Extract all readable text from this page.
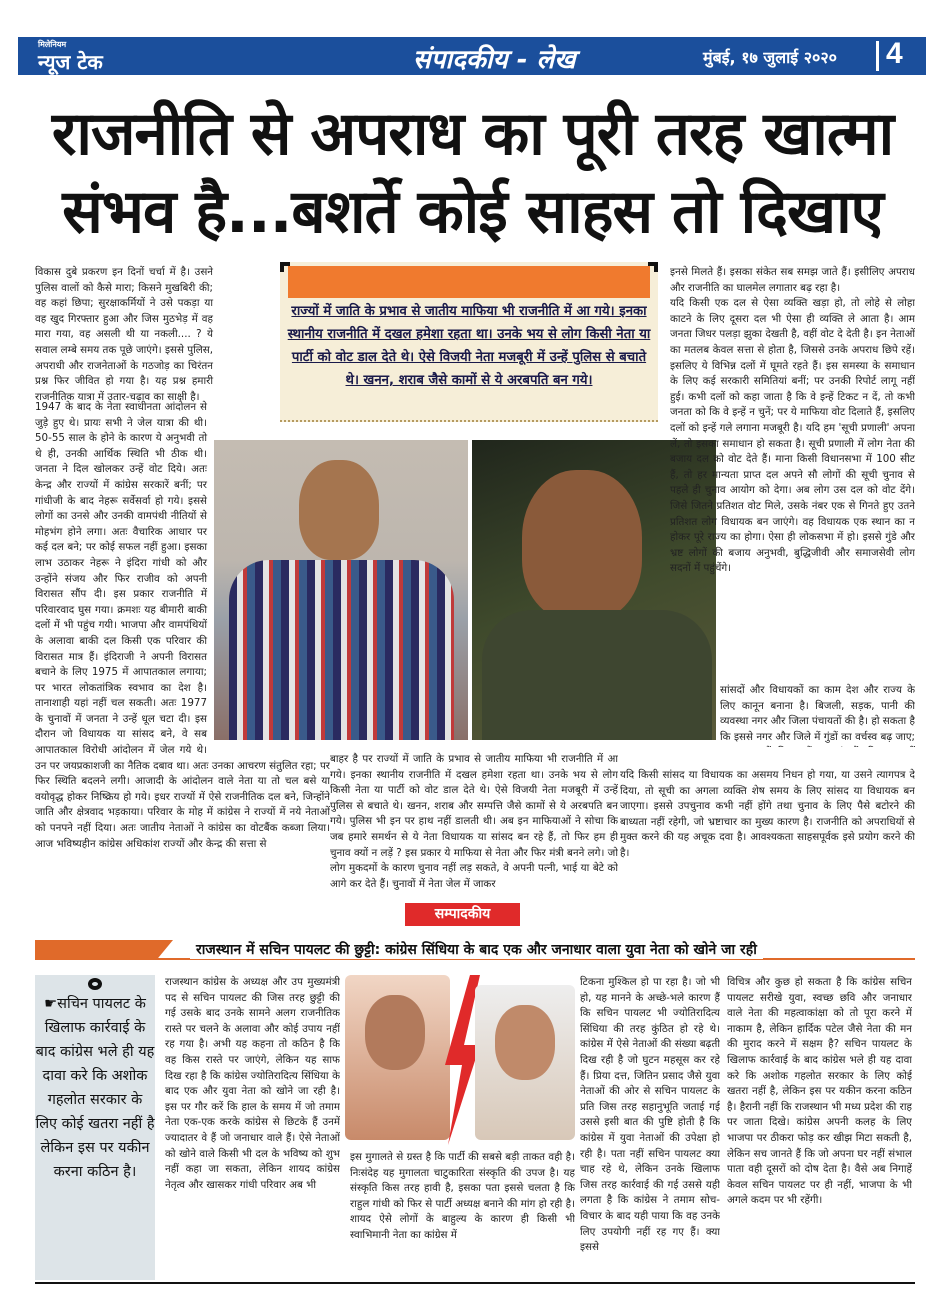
मिलेनियम
न्यूज टेक	संपादकीय - लेख	मुंबई, १७ जुलाई २०२० 4
राजनीति से अपराध का पूरी तरह खात्मा
संभव है...बशर्ते कोई साहस तो दिखाए

विकास दुबे प्रकरण इन दिनों चर्चा में है। उसने पुलिस वालों को कैसे मारा; किसने मुखबिरी की; वह कहां छिपा; सुरक्षाकर्मियों ने उसे पकड़ा या वह खुद गिरफ्तार हुआ और जिस मुठभेड़ में वह मारा गया, वह असली थी या नकली.... ? ये सवाल लम्बे समय तक पूछे जाएंगे। इससे पुलिस, अपराधी और राजनेताओं के गठजोड़ का चिरंतन प्रश्न फिर जीवित हो गया है। यह प्रश्न हमारी राजनीतिक यात्रा में उतार-चढ़ाव का साक्षी है।

1947 के बाद के नेता स्वाधीनता आंदोलन से जुड़े हुए थे। प्रायः सभी ने जेल यात्रा की थी। 50-55 साल के होने के कारण ये अनुभवी तो थे ही, उनकी आर्थिक स्थिति भी ठीक थी। जनता ने दिल खोलकर उन्हें वोट दिये। अतः केन्द्र और राज्यों में कांग्रेस सरकारें बनीं; पर गांधीजी के बाद नेहरू सर्वेसर्वा हो गये। इससे लोगों का उनसे और उनकी वामपंथी नीतियों से मोहभंग होने लगा। अतः वैचारिक आधार पर कई दल बने; पर कोई सफल नहीं हुआ। इसका लाभ उठाकर नेहरू ने इंदिरा गांधी को और उन्होंने संजय और फिर राजीव को अपनी विरासत सौंप दी। इस प्रकार राजनीति में परिवारवाद घुस गया। क्रमशः यह बीमारी बाकी दलों में भी पहुंच गयी। भाजपा और वामपंथियों के अलावा बाकी दल किसी एक परिवार की विरासत मात्र हैं। इंदिराजी ने अपनी विरासत बचाने के लिए 1975 में आपातकाल लगाया; पर भारत लोकतांत्रिक स्वभाव का देश है। तानाशाही यहां नहीं चल सकती। अतः 1977 के चुनावों में जनता ने उन्हें धूल चटा दी। इस दौरान जो विधायक या सांसद बने, वे सब आपातकाल विरोधी आंदोलन में जेल गये थे। उन पर जयप्रकाशजी का नैतिक दबाव था। अतः उनका आचरण संतुलित रहा; पर फिर स्थिति बदलने लगी। आजादी के आंदोलन वाले नेता या तो चल बसे या वयोवृद्ध होकर निष्क्रिय हो गये। इधर राज्यों में ऐसे राजनीतिक दल बने, जिन्होंने जाति और क्षेत्रवाद भड़काया। परिवार के मोह में कांग्रेस ने राज्यों में नये नेताओं को पनपने नहीं दिया। अतः जातीय नेताओं ने कांग्रेस का वोटबैंक कब्जा लिया। आज भविष्यहीन कांग्रेस अधिकांश राज्यों और केन्द्र की सत्ता से

राज्यों में जाति के प्रभाव से जातीय माफिया भी राजनीति में आ गये। इनका स्थानीय राजनीति में दखल हमेशा रहता था। उनके भय से लोग किसी नेता या पार्टी को वोट डाल देते थे। ऐसे विजयी नेता मजबूरी में उन्हें पुलिस से बचाते थे। खनन, शराब जैसे कामों से ये अरबपति बन गये।

इनसे मिलते हैं। इसका संकेत सब समझ जाते हैं। इसीलिए अपराध और राजनीति का घालमेल लगातार बढ़ रहा है।

यदि किसी एक दल से ऐसा व्यक्ति खड़ा हो, तो लोहे से लोहा काटने के लिए दूसरा दल भी ऐसा ही व्यक्ति ले आता है। आम जनता जिधर पलड़ा झुका देखती है, वहीं वोट दे देती है। इन नेताओं का मतलब केवल सत्ता से होता है, जिससे उनके अपराध छिपे रहें। इसलिए ये विभिन्न दलों में घूमते रहते हैं। इस समस्या के समाधान के लिए कई सरकारी समितियां बनीं; पर उनकी रिपोर्ट लागू नहीं हुई। कभी दलों को कहा जाता है कि वे इन्हें टिकट न दें, तो कभी जनता को कि वे इन्हें न चुनें; पर ये माफिया वोट दिलाते हैं, इसलिए दलों को इन्हें गले लगाना मजबूरी है। यदि हम 'सूची प्रणाली' अपना लें, तो इसका समाधान हो सकता है। सूची प्रणाली में लोग नेता की बजाय दल को वोट देते हैं। माना किसी विधानसभा में 100 सीट हैं, तो हर मान्यता प्राप्त दल अपने सौ लोगों की सूची चुनाव से पहले ही चुनाव आयोग को देगा। अब लोग उस दल को वोट देंगे। जिसे जितने प्रतिशत वोट मिले, उसके नंबर एक से गिनते हुए उतने प्रतिशत लोग विधायक बन जाएंगे। वह विधायक एक स्थान का न होकर पूरे राज्य का होगा। ऐसा ही लोकसभा में हो। इससे गुंडे और भ्रष्ट लोगों की बजाय अनुभवी, बुद्धिजीवी और समाजसेवी लोग सदनों में पहुंचेंगे।

सांसदों और विधायकों का काम देश और राज्य के लिए कानून बनाना है। बिजली, सड़क, पानी की व्यवस्था नगर और जिला पंचायतों की है। हो सकता है कि इससे नगर और जिले में गुंडों का वर्चस्व बढ़ जाए;

यदि किसी सांसद या विधायक का असमय निधन हो गया, या उसने त्यागपत्र दे दिया, तो सूची का अगला व्यक्ति शेष समय के लिए सांसद या विधायक बन जाएगा। इससे उपचुनाव कभी नहीं होंगे तथा चुनाव के लिए पैसे बटोरने की बाध्यता नहीं रहेगी, जो भ्रष्टाचार का मुख्य कारण है। राजनीति को अपराधियों से मुक्त करने की यह अचूक दवा है। आवश्यकता साहसपूर्वक इसे प्रयोग करने की है।

बाहर है पर राज्यों में जाति के प्रभाव से जातीय माफिया भी राजनीति में आ गये। इनका स्थानीय राजनीति में दखल हमेशा रहता था। उनके भय से लोग किसी नेता या पार्टी को वोट डाल देते थे। ऐसे विजयी नेता मजबूरी में उन्हें पुलिस से बचाते थे। खनन, शराब और सम्पत्ति जैसे कामों से ये अरबपति बन गये। पुलिस भी इन पर हाथ नहीं डालती थी। अब इन माफियाओं ने सोचा कि जब हमारे समर्थन से ये नेता विधायक या सांसद बन रहे हैं, तो फिर हम ही चुनाव क्यों न लड़ें ? इस प्रकार ये माफिया से नेता और फिर मंत्री बनने लगे। जो लोग मुकदमों के कारण चुनाव नहीं लड़ सकते, वे अपनी पत्नी, भाई या बेटे को आगे कर देते हैं। चुनावों में नेता जेल में जाकर

सम्पादकीय
राजस्थान में सचिन पायलट की छुट्टी: कांग्रेस सिंधिया के बाद एक और जनाधार वाला युवा नेता को खोने जा रही
☛सचिन पायलट के खिलाफ कार्रवाई के बाद कांग्रेस भले ही यह दावा करे कि अशोक गहलोत सरकार के लिए कोई खतरा नहीं है लेकिन इस पर यकीन करना कठिन है।

राजस्थान कांग्रेस के अध्यक्ष और उप मुख्यमंत्री पद से सचिन पायलट की जिस तरह छुट्टी की गई उसके बाद उनके सामने अलग राजनीतिक रास्ते पर चलने के अलावा और कोई उपाय नहीं रह गया है। अभी यह कहना तो कठिन है कि वह किस रास्ते पर जाएंगे, लेकिन यह साफ दिख रहा है कि कांग्रेस ज्योतिरादित्य सिंधिया के बाद एक और युवा नेता को खोने जा रही है। इस पर गौर करें कि हाल के समय में जो तमाम नेता एक-एक करके कांग्रेस से छिटके हैं उनमें ज्यादातर वे हैं जो जनाधार वाले हैं। ऐसे नेताओं को खोने वाले किसी भी दल के भविष्य को शुभ नहीं कहा जा सकता, लेकिन शायद कांग्रेस नेतृत्व और खासकर गांधी परिवार अब भी

इस मुगालते से ग्रस्त है कि पार्टी की सबसे बड़ी ताकत वही है। निःसंदेह यह मुगालता चाटुकारिता संस्कृति की उपज है। यह संस्कृति किस तरह हावी है, इसका पता इससे चलता है कि राहुल गांधी को फिर से पार्टी अध्यक्ष बनाने की मांग हो रही है। शायद ऐसे लोगों के बाहुल्य के कारण ही किसी भी स्वाभिमानी नेता का कांग्रेस में

टिकना मुश्किल हो पा रहा है। जो भी हो, यह मानने के अच्छे-भले कारण हैं कि सचिन पायलट भी ज्योतिरादित्य सिंधिया की तरह कुंठित हो रहे थे। कांग्रेस में ऐसे नेताओं की संख्या बढ़ती दिख रही है जो घुटन महसूस कर रहे हैं। प्रिया दत्त, जितिन प्रसाद जैसे युवा नेताओं की ओर से सचिन पायलट के प्रति जिस तरह सहानुभूति जताई गई उससे इसी बात की पुष्टि होती है कि कांग्रेस में युवा नेताओं की उपेक्षा हो रही है। पता नहीं सचिन पायलट क्या चाह रहे थे, लेकिन उनके खिलाफ जिस तरह कार्रवाई की गई उससे यही लगता है कि कांग्रेस ने तमाम सोच-विचार के बाद यही पाया कि वह उनके लिए उपयोगी नहीं रह गए हैं। क्या इससे

विचित्र और कुछ हो सकता है कि कांग्रेस सचिन पायलट सरीखे युवा, स्वच्छ छवि और जनाधार वाले नेता की महत्वाकांक्षा को तो पूरा करने में नाकाम है, लेकिन हार्दिक पटेल जैसे नेता की मन की मुराद करने में सक्षम है? सचिन पायलट के खिलाफ कार्रवाई के बाद कांग्रेस भले ही यह दावा करे कि अशोक गहलोत सरकार के लिए कोई खतरा नहीं है, लेकिन इस पर यकीन करना कठिन है। हैरानी नहीं कि राजस्थान भी मध्य प्रदेश की राह पर जाता दिखे। कांग्रेस अपनी कलह के लिए भाजपा पर ठीकरा फोड़ कर खीझ मिटा सकती है, लेकिन सच जानते हैं कि जो अपना घर नहीं संभाल पाता वही दूसरों को दोष देता है। वैसे अब निगाहें केवल सचिन पायलट पर ही नहीं, भाजपा के भी अगले कदम पर भी रहेंगी।
